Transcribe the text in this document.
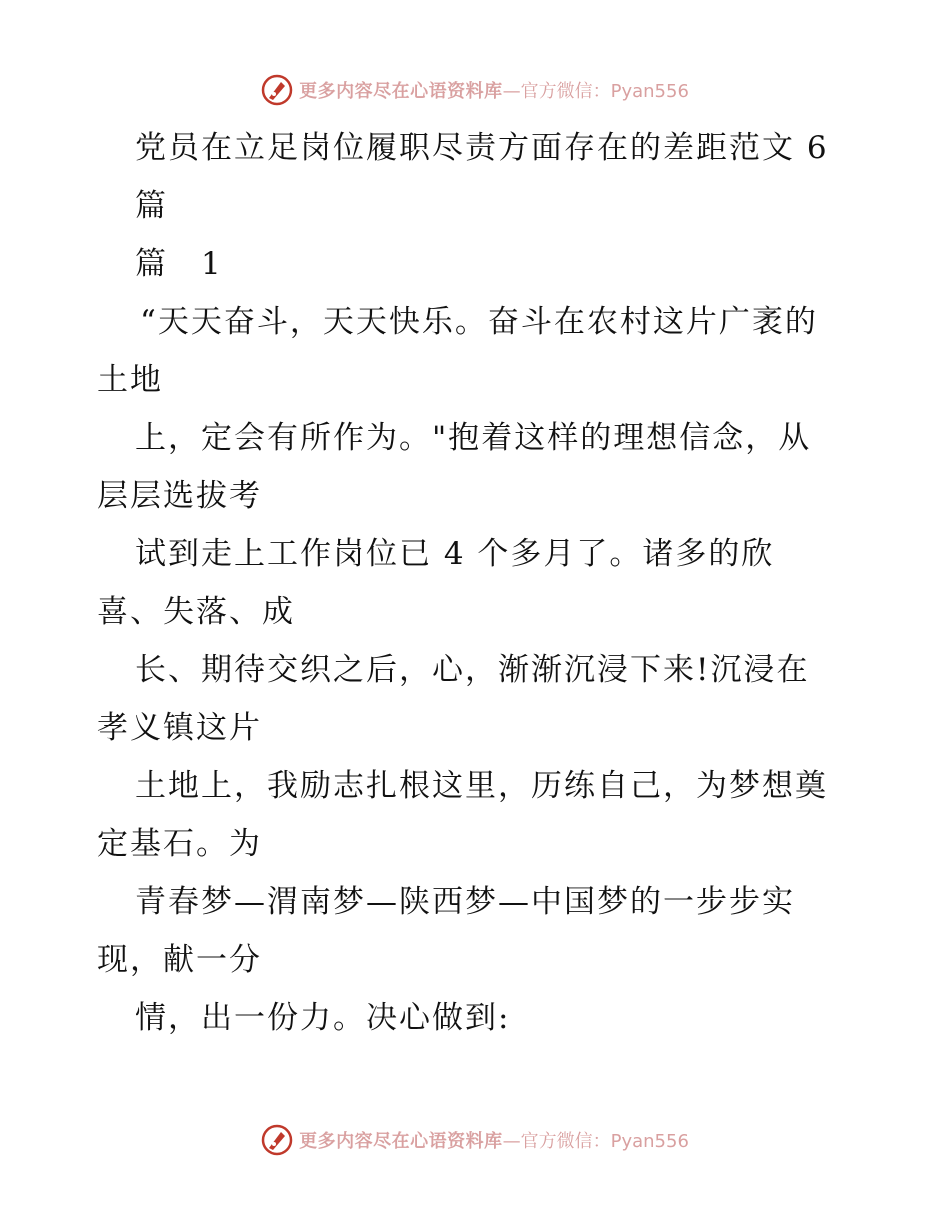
更多内容尽在心语资料库 —官方微信：Pyan556
党员在立足岗位履职尽责方面存在的差距范文 6
篇
篇　1
“天天奋斗，天天快乐。奋斗在农村这片广袤的
土地
上，定会有所作为。"抱着这样的理想信念，从
层层选拔考
试到走上工作岗位已 4 个多月了。诸多的欣
喜、失落、成
长、期待交织之后，心，渐渐沉浸下来!沉浸在
孝义镇这片
土地上，我励志扎根这里，历练自己，为梦想奠
定基石。为
青春梦—渭南梦—陕西梦—中国梦的一步步实
现，献一分
情，出一份力。决心做到:
更多内容尽在心语资料库 —官方微信：Pyan556
